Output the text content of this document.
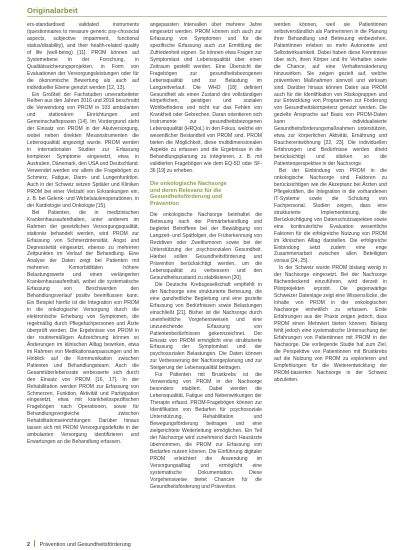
Originalarbeit

ers-standardised validated instruments (questionnaires to measure generic psy-chosocial aspects, subjective impairment, functional status/disability), and their health-related quality of life (well-being) [11]. PROM können auf Systemebene in der Forschung, in Qualitätssicherungsprojekten, in Form von Evaluationen der Versorgungsleistungen oder für die ökonomische Bewertung als auch auf individueller Ebene genutzt werden [12, 13].

Ein Großteil der Fachstudien unverarbeiteter Reihen aus den Jahren 2016 und 2019 beschreibt die Verwendung von PROM in 103 ambulanten und stationären Einrichtungen und Gemeinschaftspraxen [14]. Im Vordergrund steht der Einsatz von PROM in der Akutversorgung, wobei neben direkten Messinstrumenten die Lebensqualität angezeigt wurde. PROM werden in internationalen Studien zur Erfassung komplexer Symptome eingesetzt, etwa in Australien, Dänemark, den USA und Deutschland. Verwendet werden vor allem die Fragebögen zu Schmerz, Fatigue, Darm- und Lungenfunktion. Auch in der Schweiz setzen Spitäler und Kliniken PROM bei einer Vielzahl von Erkrankungen ein, z. B. bei Gelenk- und Wirbelsäulenoperationen, in der Kardiologie und Onkologie [15].

Bei Patienten, die in medizinischen Krankenhausaufenthalten, unter anderem im Rahmen der gesetzlichen Versorgungsqualität, stationär behandelt werden, wird PROM zur Erfassung von Schmerzintensität, Angst und Depressivität eingesetzt, ebenso zu mehreren Zeitpunkten im Verlauf der Behandlung. Eine Analyse der Daten zeigt bei Patienten mit mehreren Komorbiditäten höhere Belastungswerte und einen verlängerten Krankenhausaufenthalt, wobei die systematische Erfassung von Beschwerden den Behandlungsverlauf positiv beeinflussen kann. Ein Beispiel hierfür ist die Integration von PROM in die onkologische Versorgung durch die elektronische Erhebung von Symptomen, die regelmäßig durch Pflegefachpersonen und Ärzte überprüft werden. Die Ergebnisse von PROM in der routinemäßigen Aufzeichnung können so Änderungen im klinischen Alltag bewirken, etwa im Rahmen von Medikationsanpassungen und im Hinblick auf die Kommunikation zwischen Patienten und Behandlungsteam. Auch die Gesamtüberlebensrate verbesserte sich durch den Einsatz von PROM [16, 17]. In der Rehabilitation werden PROM zur Erfassung von Schmerzen, Funktion, Aktivität und Partizipation eingesetzt, etwa mit krankheitsspezifischen Fragebögen nach Operationen, sowie für Behandlungsvergleiche zwischen Rehabilitationseinrichtungen. Darüber hinaus lassen sich mit PROM Versorgungsdefizite in der ambulanten Versorgung identifizieren und Erwartungen an die Behandlung erfassen.

angepassten Intervallen über mehrere Jahre eingesetzt werden. PROM können sich auch zur Erfassung von Symptomen und für die spezifische Erfassung auch zur Ermittlung der Zufriedenheit eignen. So können etwa Fragen zur Symptomlast und Lebensqualität über einen Zeitraum gestellt werden. Eine Übersicht der Fragebögen zur gesundheitsbezogenen Lebensqualität und zur Belastung im Langzeitverlauf. Die WHO [18] definiert Gesundheit als einen Zustand des vollständigen körperlichen, geistigen und sozialen Wohlbefindens und nicht nur das Fehlen von Krankheit oder Gebrechen. Daran orientieren sich Instrumente zur gesundheitsbezogenen Lebensqualität (HRQoL) in den Fokus, welche ein wesentlicher Bestandteil von PROM sind. PROM bieten die Möglichkeit, diese multidimensionalen Aspekte zu erfassen und die Ergebnisse in die Behandlungsplanung zu integrieren, z. B. mit validierten Fragebögen wie dem EQ-5D oder SF-36 [19] zu erheben.

Die onkologische Nachsorge
und deren Relevanz für die
Gesundheitsförderung und
Prävention

Die onkologische Nachsorge beinhaltet die Betreuung nach der Primärbehandlung und begleitet Betroffene bei der Bewältigung von Langzeit- und Spätfolgen, der Früherkennung von Rezidiven oder Zweittumoren sowie bei der Unterstützung der psychosozialen Gesundheit. Hierbei sollen Gesundheitsförderung und Prävention berücksichtigt werden, um die Lebensqualität zu verbessern und den Gesundheitszustand zu stabilisieren [20].

Die Deutsche Krebsgesellschaft empfiehlt in der Nachsorge eine strukturierte Betreuung, die eine ganzheitliche Begleitung und eine gezielte Erfassung von Bedürfnissen sowie Belastungen einschließt [21]. Bisher ist die Nachsorge durch uneinheitliche Vorgehensweisen und eine unzureichende Erfassung von Patientenbedürfnissen gekennzeichnet. Der Einsatz von PROM ermöglicht eine strukturierte Erfassung der Symptomlast und der psychosozialen Belastungen. Die Daten können zur Verbesserung der Nachsorgeplanung und zur Steigerung der Lebensqualität beitragen.

Für Patienten mit Brustkrebs ist die Verwendung von PROM in der Nachsorge besonders etabliert. Dabei werden die Lebensqualität, Fatigue und Nebenwirkungen der Therapie erfasst. PROM-Fragebögen können zur Identifikation von Bedarfen für psychosoziale Unterstützung, Rehabilitation und Bewegungsförderung beitragen und eine zielgerichtete Weiterleitung ermöglichen. Ein Teil der Nachsorge wird zunehmend durch Hausärzte übernommen, die PROM zur Erfassung von Bedarfen nutzen können. Die Einführung digitaler PROM erleichtert die Anwendung im Versorgungsalltag und ermöglicht eine systematische Dokumentation. Diese Vorgehensweise bietet Chancen für die Gesundheitsförderung und Prävention.

werden können, weil sie Patientinnen selbstverständlich als Partnerinnen in die Planung ihrer Behandlung und Betreuung einbeziehen. Patientinnen erleben so mehr Autonomie und Selbstwirksamkeit. Dabei haben diese Kenntnisse über sich, ihren Körper und ihr Verhalten sowie die Chance, auf eine Verhaltensänderung hinzuwirken. Sie zeigen gezielt auf, welche präventiven Maßnahmen sinnvoll und wirksam sind. Darüber hinaus können Daten aus PROM auch für die Identifikation von Risikogruppen und zur Entwicklung von Programmen zur Förderung von Gesundheitskompetenz genutzt werden. Die gezielte Ansprache auf Basis von PROM-Daten kann individualisierte Gesundheitsförderungsmaßnahmen unterstützen, etwa zur körperlichen Aktivität, Ernährung und Raucherentwöhnung [22, 23]. Die individuellen Erfahrungen und Bedürfnisse werden direkt berücksichtigt und stärken so die Patientenperspektive in der Nachsorge.

Bei der Einbindung von PROM in die onkologische Nachsorge sind Faktoren zu berücksichtigen wie die Akzeptanz bei Ärzten und Pflegekräften, die Integration in die vorhandenen IT-Systeme sowie die Schulung von Fachpersonal. Studien zeigen, dass eine strukturierte Implementierung, die Berücksichtigung von Datenschutzaspekten sowie eine kontinuierliche Evaluation wesentliche Faktoren für die erfolgreiche Nutzung von PROM im klinischen Alltag darstellen. Die erfolgreiche Einbindung setzt zudem eine enge Zusammenarbeit zwischen allen Beteiligten voraus [24, 25].

In der Schweiz wurde PROM bislang wenig in der Nachsorge eingesetzt. Bei der Nachsorge flächendeckend einzuführen, wird derzeit in Pilotprojekten erprobt. Die gegenwärtige Schweizer Datenlage zeigt eine Wissenslücke, die Inhalte von PROM in der onkologischen Nachsorge einheitlich zu erfassen. Erste Erfahrungen aus der Praxis zeigen jedoch, dass PROM einen Mehrwert bieten können. Bislang fehlt jedoch eine systematische Untersuchung der Erfahrungen von Patientinnen mit PROM in der Nachsorge. Die vorliegende Studie hat zum Ziel, die Perspektive von Patientinnen mit Brustkrebs auf die Nutzung von PROM zu explorieren und Empfehlungen für die Weiterentwicklung der PROM-basierten Nachsorge in der Schweiz abzuleiten.

2 Prävention und Gesundheitsförderung
